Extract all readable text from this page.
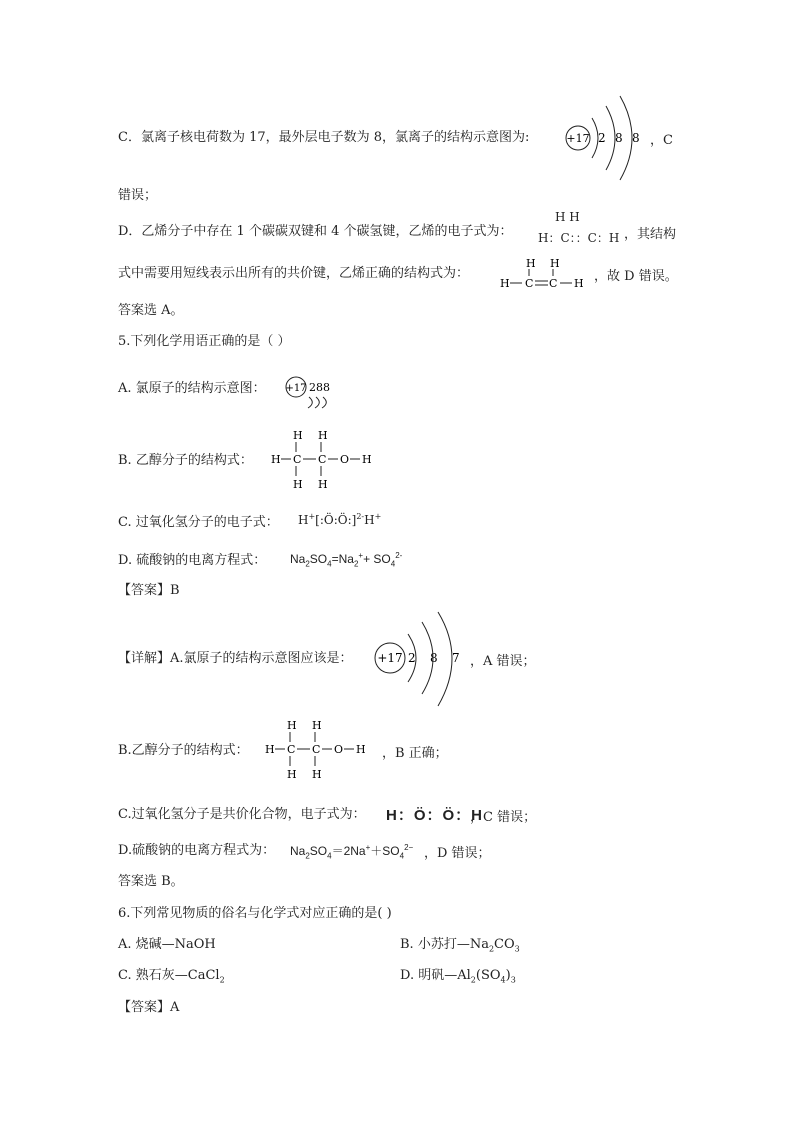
C．氯离子核电荷数为 17，最外层电子数为 8，氯离子的结构示意图为:	+17 2 8 8 ，C
错误；
D．乙烯分子中存在 1 个碳碳双键和 4 个碳氢键，乙烯的电子式为：
H H
H：C：：C：H ，其结构
式中需要用短线表示出所有的共价键，乙烯正确的结构式为：
H H
H C C H ，故 D 错误。
答案选 A。
5.下列化学用语正确的是（ ）
A. 氯原子的结构示意图： +17 288
B. 乙醇分子的结构式：
H H
H C C O H
H H
C. 过氧化氢分子的电子式： H+[:Ö:Ö:]$^{2-}$H+
D. 硫酸钠的电离方程式： $Na_2SO_4=Na_2^++ SO_4^{2-}$
【答案】B
【详解】A.氯原子的结构示意图应该是： +17 2 8 7 ，A 错误；
B.乙醇分子的结构式：
H H
H C C O H
H H
，B 正确；
C.过氧化氢分子是共价化合物，电子式为： H：Ö：Ö：H
，C 错误；
D.硫酸钠的电离方程式为： $Na_2SO_4=2Na^++SO_4^{2-}$ ，D 错误；
答案选 B。
6.下列常见物质的俗名与化学式对应正确的是( )
A. 烧碱—NaOH	B. 小苏打$—Na_2CO_3$
C. 熟石灰—CaCl$_2$	D. 明矾$—Al_2(SO_4)_3$
【答案】A
